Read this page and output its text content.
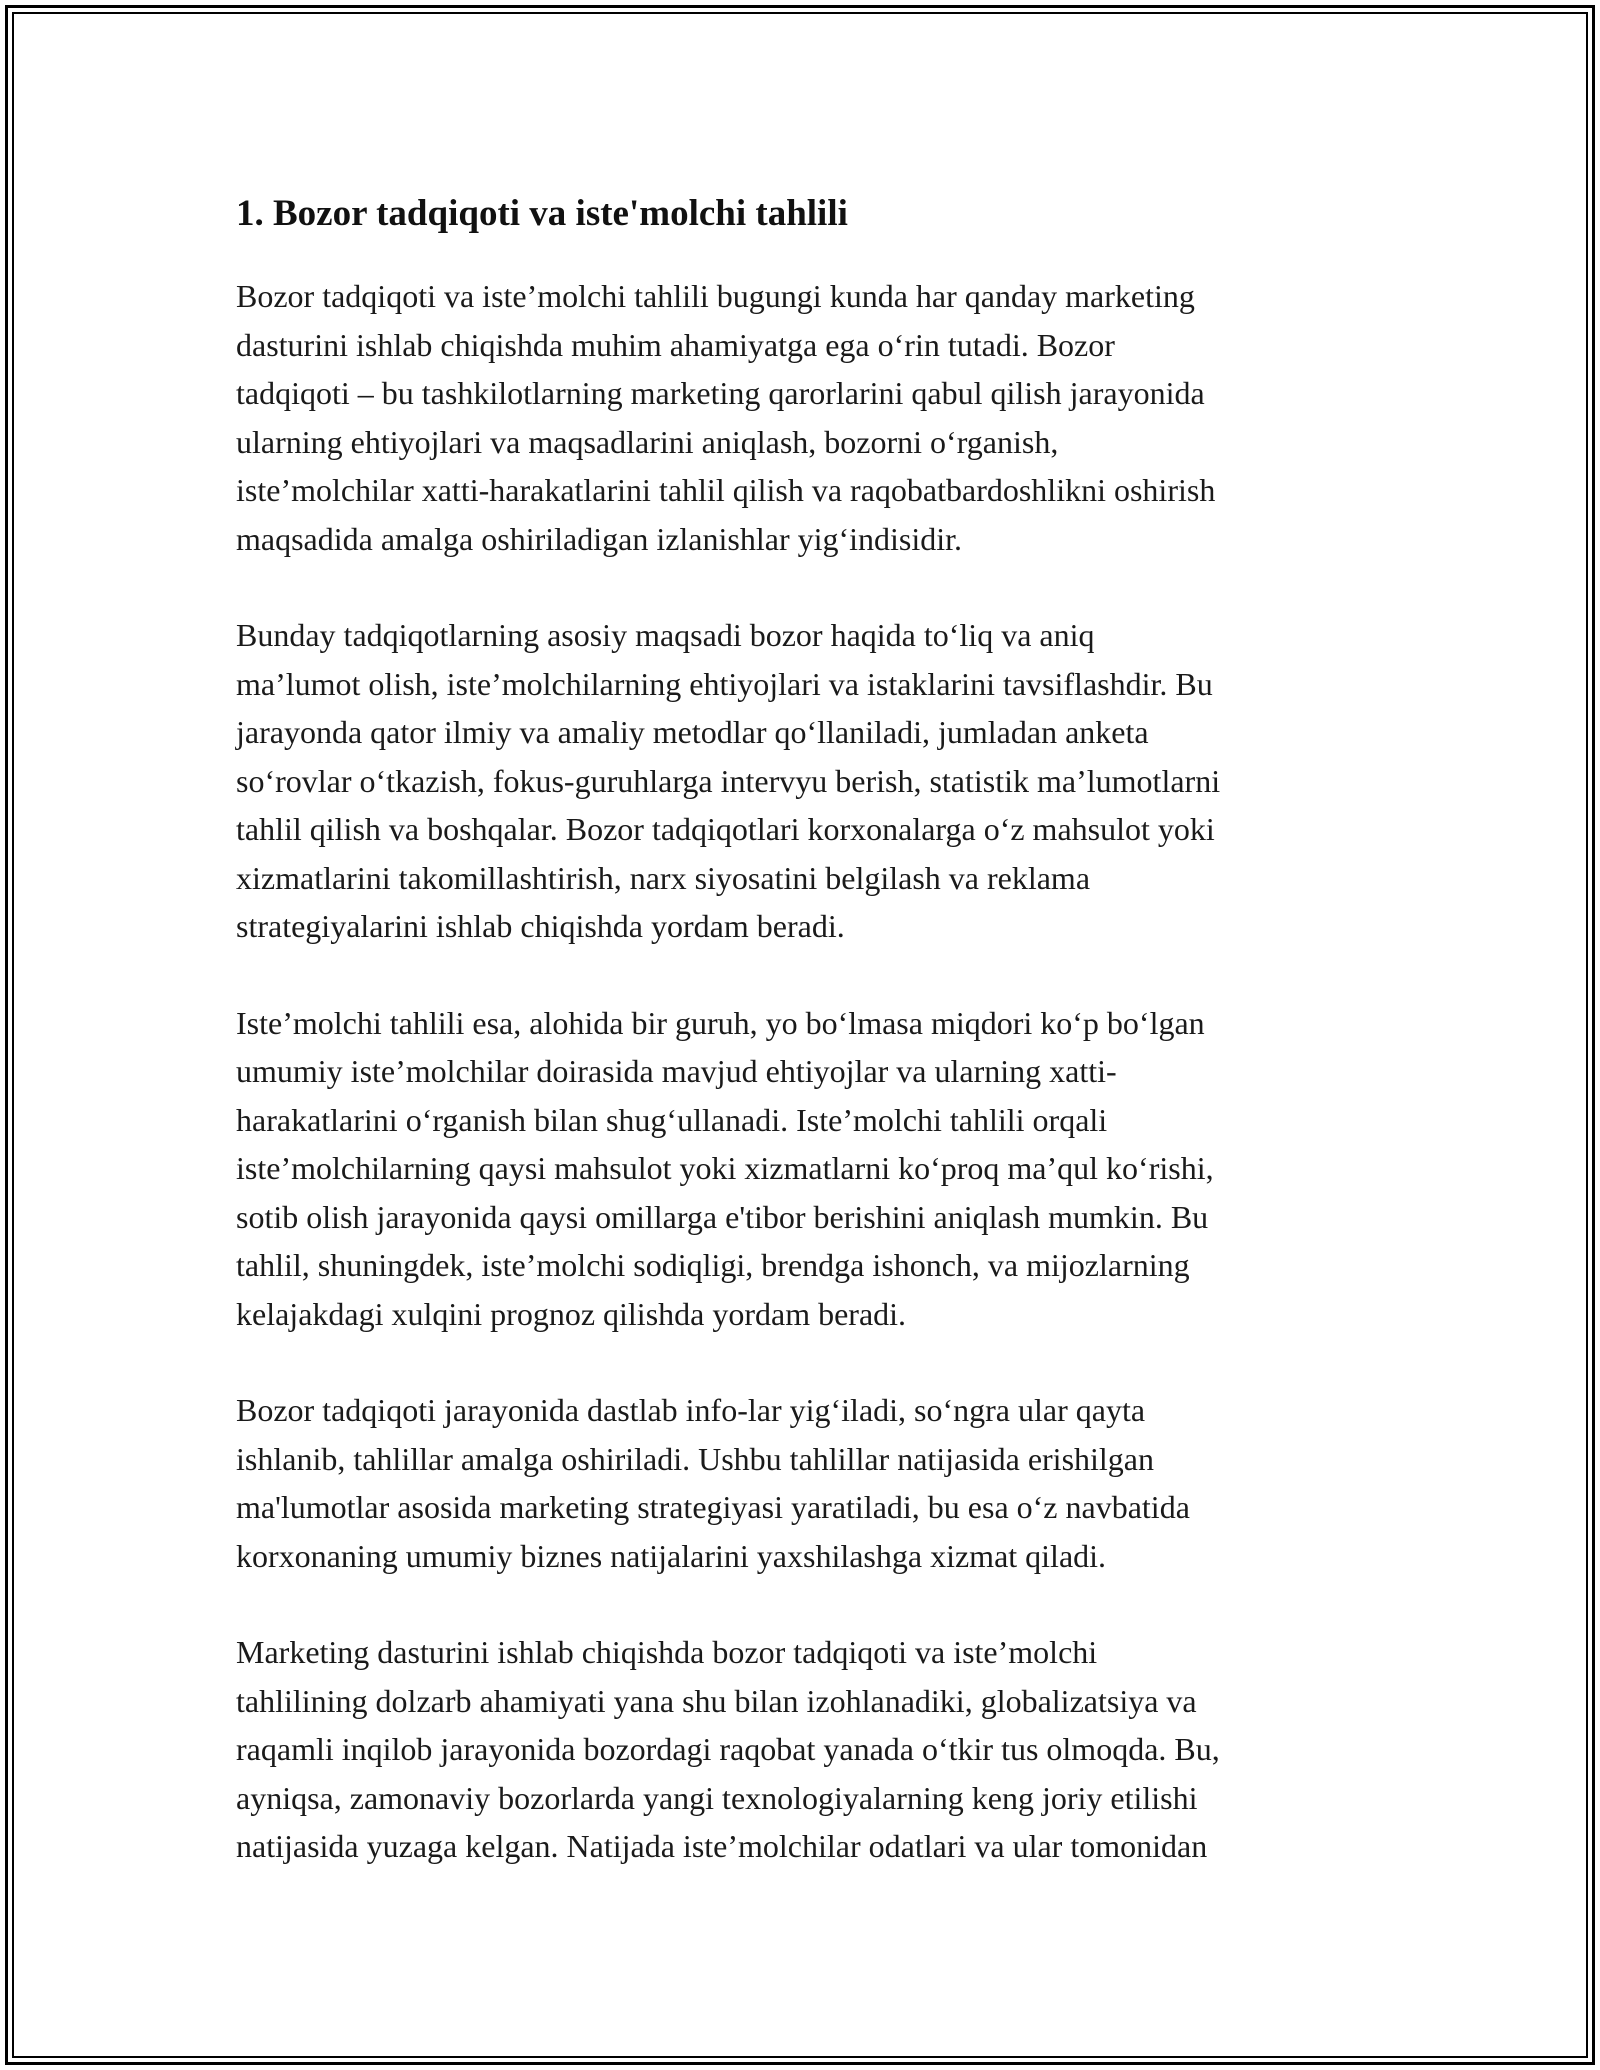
1. Bozor tadqiqoti va iste'molchi tahlili

Bozor tadqiqoti va iste’molchi tahlili bugungi kunda har qanday marketing
dasturini ishlab chiqishda muhim ahamiyatga ega o‘rin tutadi. Bozor
tadqiqoti – bu tashkilotlarning marketing qarorlarini qabul qilish jarayonida
ularning ehtiyojlari va maqsadlarini aniqlash, bozorni o‘rganish,
iste’molchilar xatti-harakatlarini tahlil qilish va raqobatbardoshlikni oshirish
maqsadida amalga oshiriladigan izlanishlar yig‘indisidir.

Bunday tadqiqotlarning asosiy maqsadi bozor haqida to‘liq va aniq
ma’lumot olish, iste’molchilarning ehtiyojlari va istaklarini tavsiflashdir. Bu
jarayonda qator ilmiy va amaliy metodlar qo‘llaniladi, jumladan anketa
so‘rovlar o‘tkazish, fokus-guruhlarga intervyu berish, statistik ma’lumotlarni
tahlil qilish va boshqalar. Bozor tadqiqotlari korxonalarga o‘z mahsulot yoki
xizmatlarini takomillashtirish, narx siyosatini belgilash va reklama
strategiyalarini ishlab chiqishda yordam beradi.

Iste’molchi tahlili esa, alohida bir guruh, yo bo‘lmasa miqdori ko‘p bo‘lgan
umumiy iste’molchilar doirasida mavjud ehtiyojlar va ularning xatti-
harakatlarini o‘rganish bilan shug‘ullanadi. Iste’molchi tahlili orqali
iste’molchilarning qaysi mahsulot yoki xizmatlarni ko‘proq ma’qul ko‘rishi,
sotib olish jarayonida qaysi omillarga e'tibor berishini aniqlash mumkin. Bu
tahlil, shuningdek, iste’molchi sodiqligi, brendga ishonch, va mijozlarning
kelajakdagi xulqini prognoz qilishda yordam beradi.

Bozor tadqiqoti jarayonida dastlab info-lar yig‘iladi, so‘ngra ular qayta
ishlanib, tahlillar amalga oshiriladi. Ushbu tahlillar natijasida erishilgan
ma'lumotlar asosida marketing strategiyasi yaratiladi, bu esa o‘z navbatida
korxonaning umumiy biznes natijalarini yaxshilashga xizmat qiladi.

Marketing dasturini ishlab chiqishda bozor tadqiqoti va iste’molchi
tahlilining dolzarb ahamiyati yana shu bilan izohlanadiki, globalizatsiya va
raqamli inqilob jarayonida bozordagi raqobat yanada o‘tkir tus olmoqda. Bu,
ayniqsa, zamonaviy bozorlarda yangi texnologiyalarning keng joriy etilishi
natijasida yuzaga kelgan. Natijada iste’molchilar odatlari va ular tomonidan
